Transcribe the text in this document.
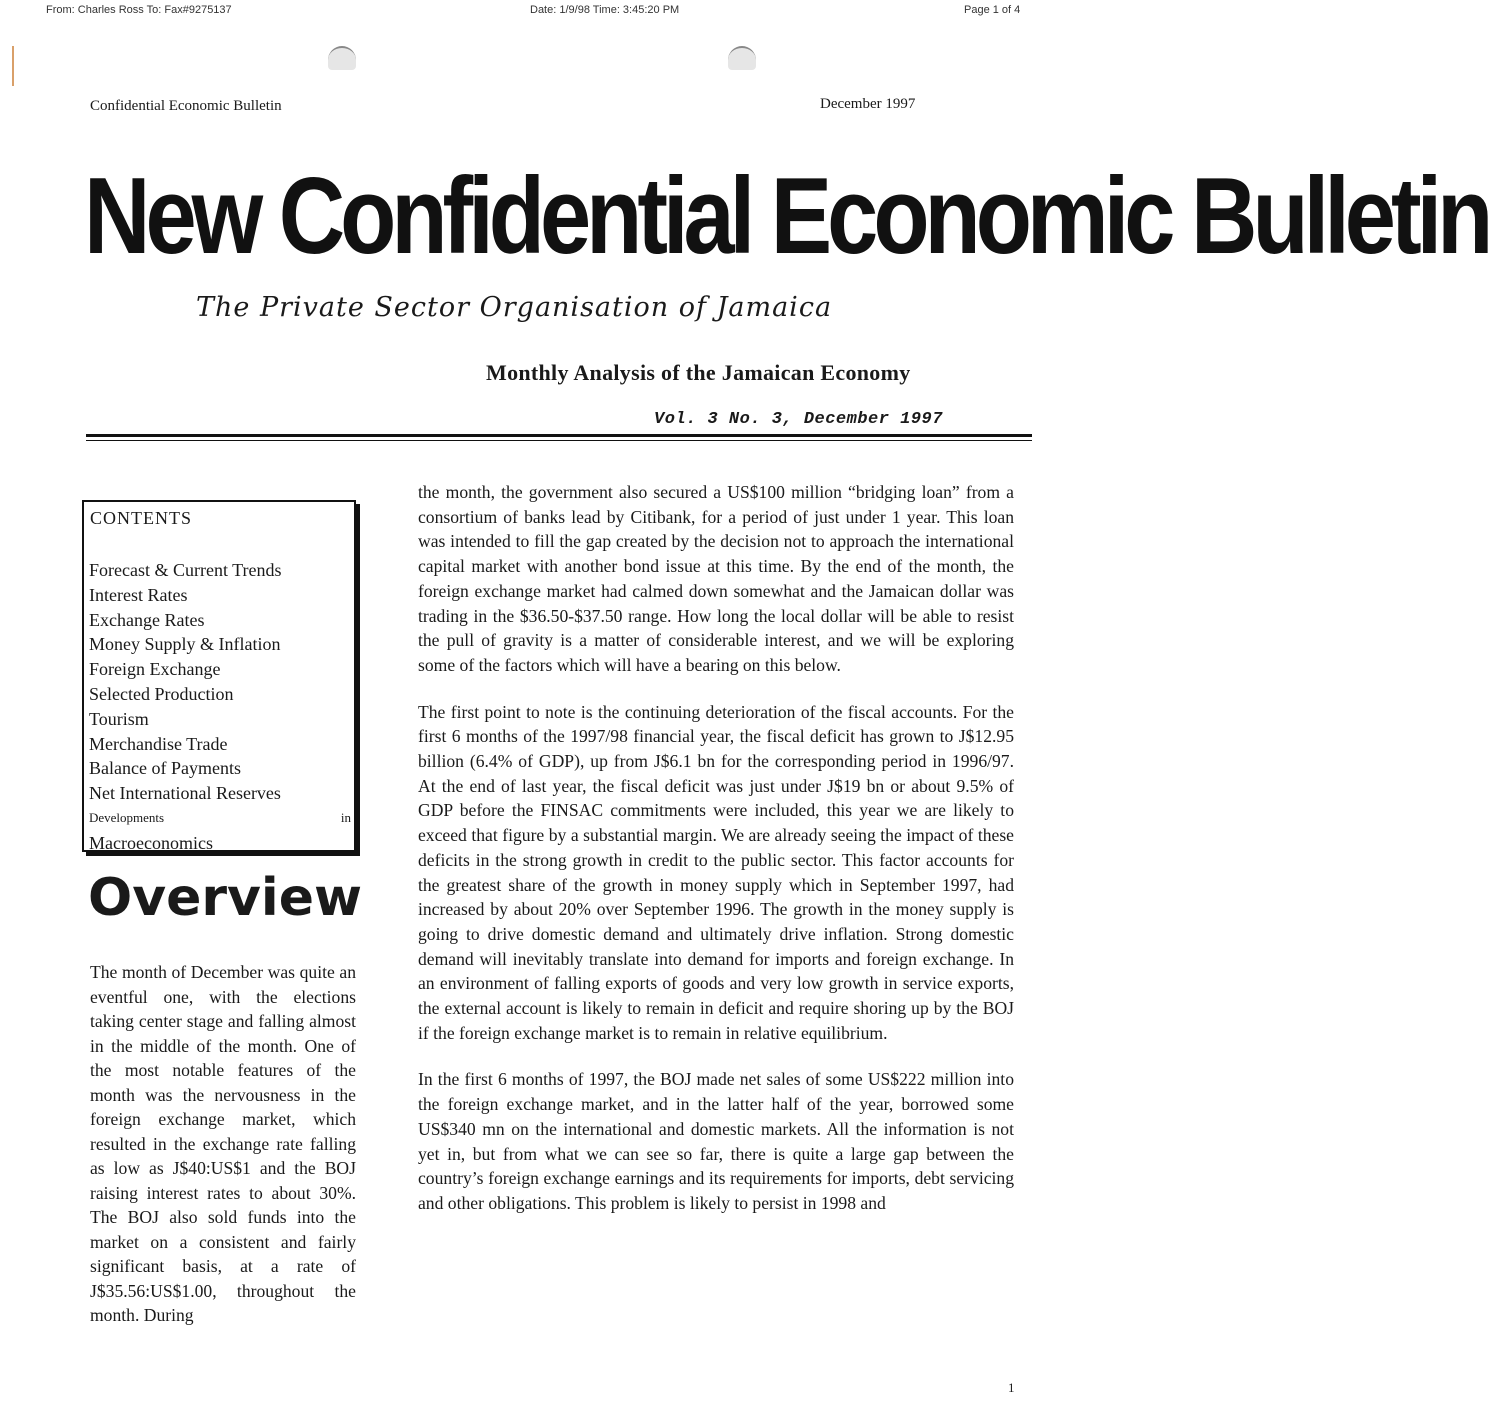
From: Charles Ross To: Fax#9275137	Date: 1/9/98 Time: 3:45:20 PM	Page 1 of 4
Confidential Economic Bulletin	December 1997
New Confidential Economic Bulletin
The Private Sector Organisation of Jamaica
Monthly Analysis of the Jamaican Economy
Vol. 3 No. 3, December 1997
CONTENTS
Forecast & Current Trends
Interest Rates
Exchange Rates
Money Supply & Inflation
Foreign Exchange
Selected Production
Tourism
Merchandise Trade
Balance of Payments
Net International Reserves
Developments	in
Macroeconomics
Overview

The month of December was quite an eventful one, with the elections taking center stage and falling almost in the middle of the month. One of the most notable features of the month was the nervousness in the foreign exchange market, which resulted in the exchange rate falling as low as J$40:US$1 and the BOJ raising interest rates to about 30%. The BOJ also sold funds into the market on a consistent and fairly significant basis, at a rate of J$35.56:US$1.00, throughout the month. During

the month, the government also secured a US$100 million “bridging loan” from a consortium of banks lead by Citibank, for a period of just under 1 year. This loan was intended to fill the gap created by the decision not to approach the international capital market with another bond issue at this time. By the end of the month, the foreign exchange market had calmed down somewhat and the Jamaican dollar was trading in the $36.50-$37.50 range. How long the local dollar will be able to resist the pull of gravity is a matter of considerable interest, and we will be exploring some of the factors which will have a bearing on this below.

The first point to note is the continuing deterioration of the fiscal accounts. For the first 6 months of the 1997/98 financial year, the fiscal deficit has grown to J$12.95 billion (6.4% of GDP), up from J$6.1 bn for the corresponding period in 1996/97. At the end of last year, the fiscal deficit was just under J$19 bn or about 9.5% of GDP before the FINSAC commitments were included, this year we are likely to exceed that figure by a substantial margin. We are already seeing the impact of these deficits in the strong growth in credit to the public sector. This factor accounts for the greatest share of the growth in money supply which in September 1997, had increased by about 20% over September 1996. The growth in the money supply is going to drive domestic demand and ultimately drive inflation. Strong domestic demand will inevitably translate into demand for imports and foreign exchange. In an environment of falling exports of goods and very low growth in service exports, the external account is likely to remain in deficit and require shoring up by the BOJ if the foreign exchange market is to remain in relative equilibrium.

In the first 6 months of 1997, the BOJ made net sales of some US$222 million into the foreign exchange market, and in the latter half of the year, borrowed some US$340 mn on the international and domestic markets. All the information is not yet in, but from what we can see so far, there is quite a large gap between the country’s foreign exchange earnings and its requirements for imports, debt servicing and other obligations. This problem is likely to persist in 1998 and

1
